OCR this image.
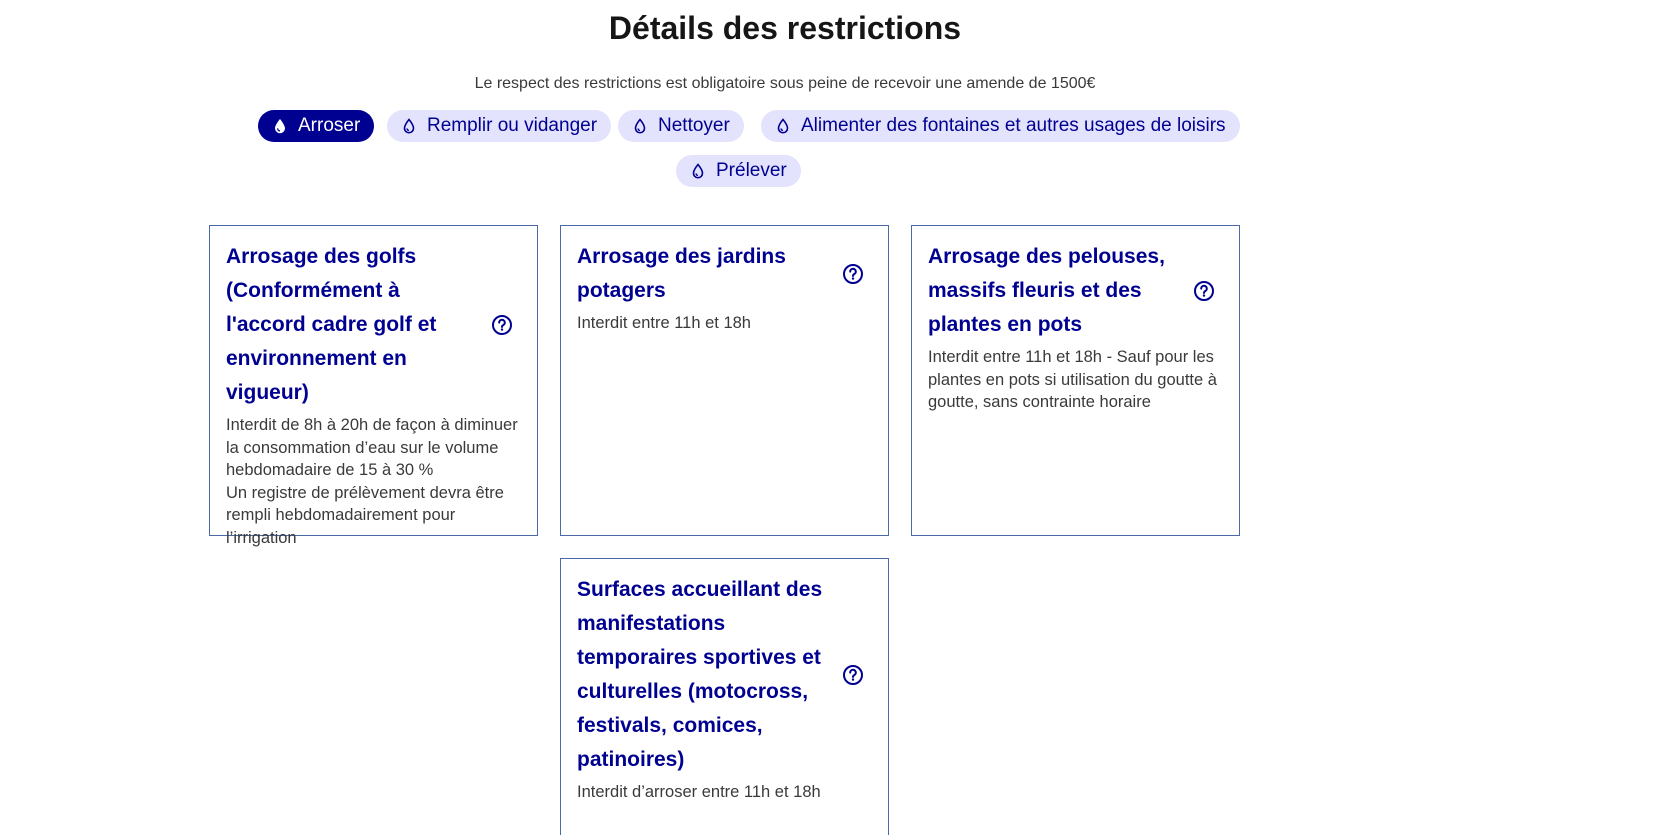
Détails des restrictions

Le respect des restrictions est obligatoire sous peine de recevoir une amende de 1500€

Arroser	Remplir ou vidanger	Nettoyer	Alimenter des fontaines et autres usages de loisirs
Prélever
Arrosage des golfs (Conformément à l'accord cadre golf et environnement en vigueur)

Interdit de 8h à 20h de façon à diminuer la consommation d’eau sur le volume hebdomadaire de 15 à 30 %
Un registre de prélèvement devra être rempli hebdomadairement pour l’irrigation

Arrosage des jardins potagers

Interdit entre 11h et 18h

Arrosage des pelouses, massifs fleuris et des plantes en pots

Interdit entre 11h et 18h - Sauf pour les plantes en pots si utilisation du goutte à goutte, sans contrainte horaire

Surfaces accueillant des manifestations temporaires sportives et culturelles (motocross, festivals, comices, patinoires)

Interdit d’arroser entre 11h et 18h
